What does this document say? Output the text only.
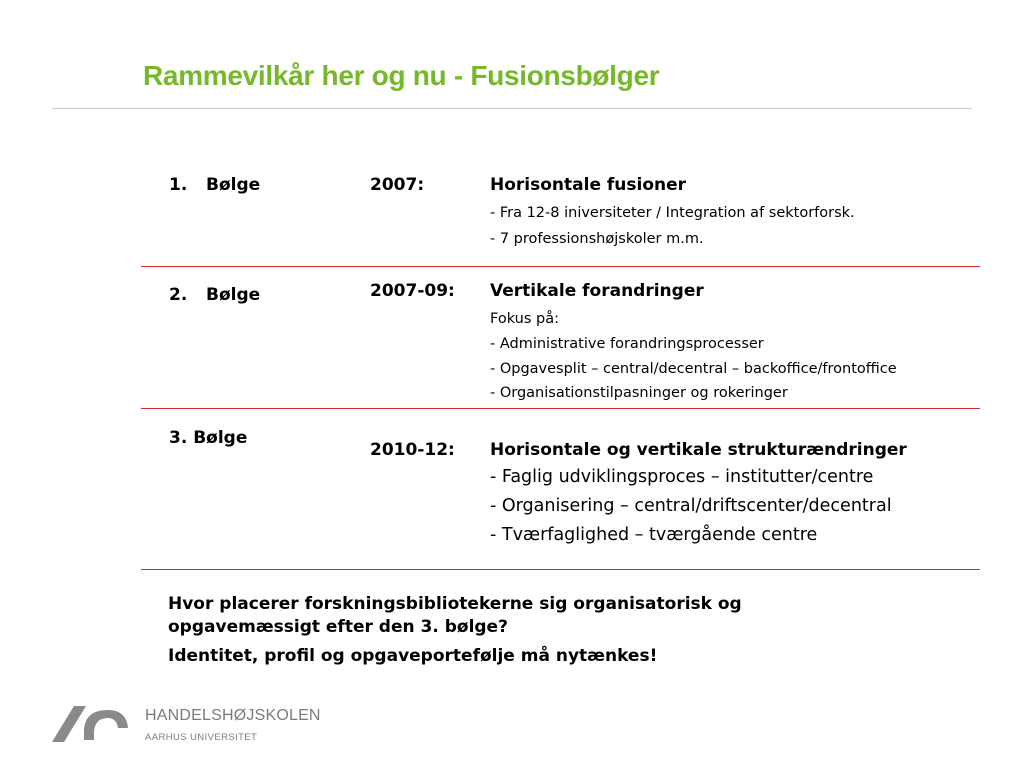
Rammevilkår her og nu - Fusionsbølger
1. Bølge	2007:	Horisontale fusioner
- Fra 12-8 iniversiteter / Integration af sektorforsk.
- 7 professionshøjskoler m.m.
2. Bølge	2007-09: Vertikale forandringer
Fokus på:
- Administrative forandringsprocesser
- Opgavesplit – central/decentral – backoffice/frontoffice
- Organisationstilpasninger og rokeringer
3. Bølge
2010-12: Horisontale og vertikale strukturændringer
- Faglig udviklingsproces – institutter/centre
- Organisering – central/driftscenter/decentral
- Tværfaglighed – tværgående centre
Hvor placerer forskningsbibliotekerne sig organisatorisk og opgavemæssigt efter den 3. bølge?
Identitet, profil og opgaveportefølje må nytænkes!
HANDELSHØJSKOLEN
AARHUS UNIVERSITET
